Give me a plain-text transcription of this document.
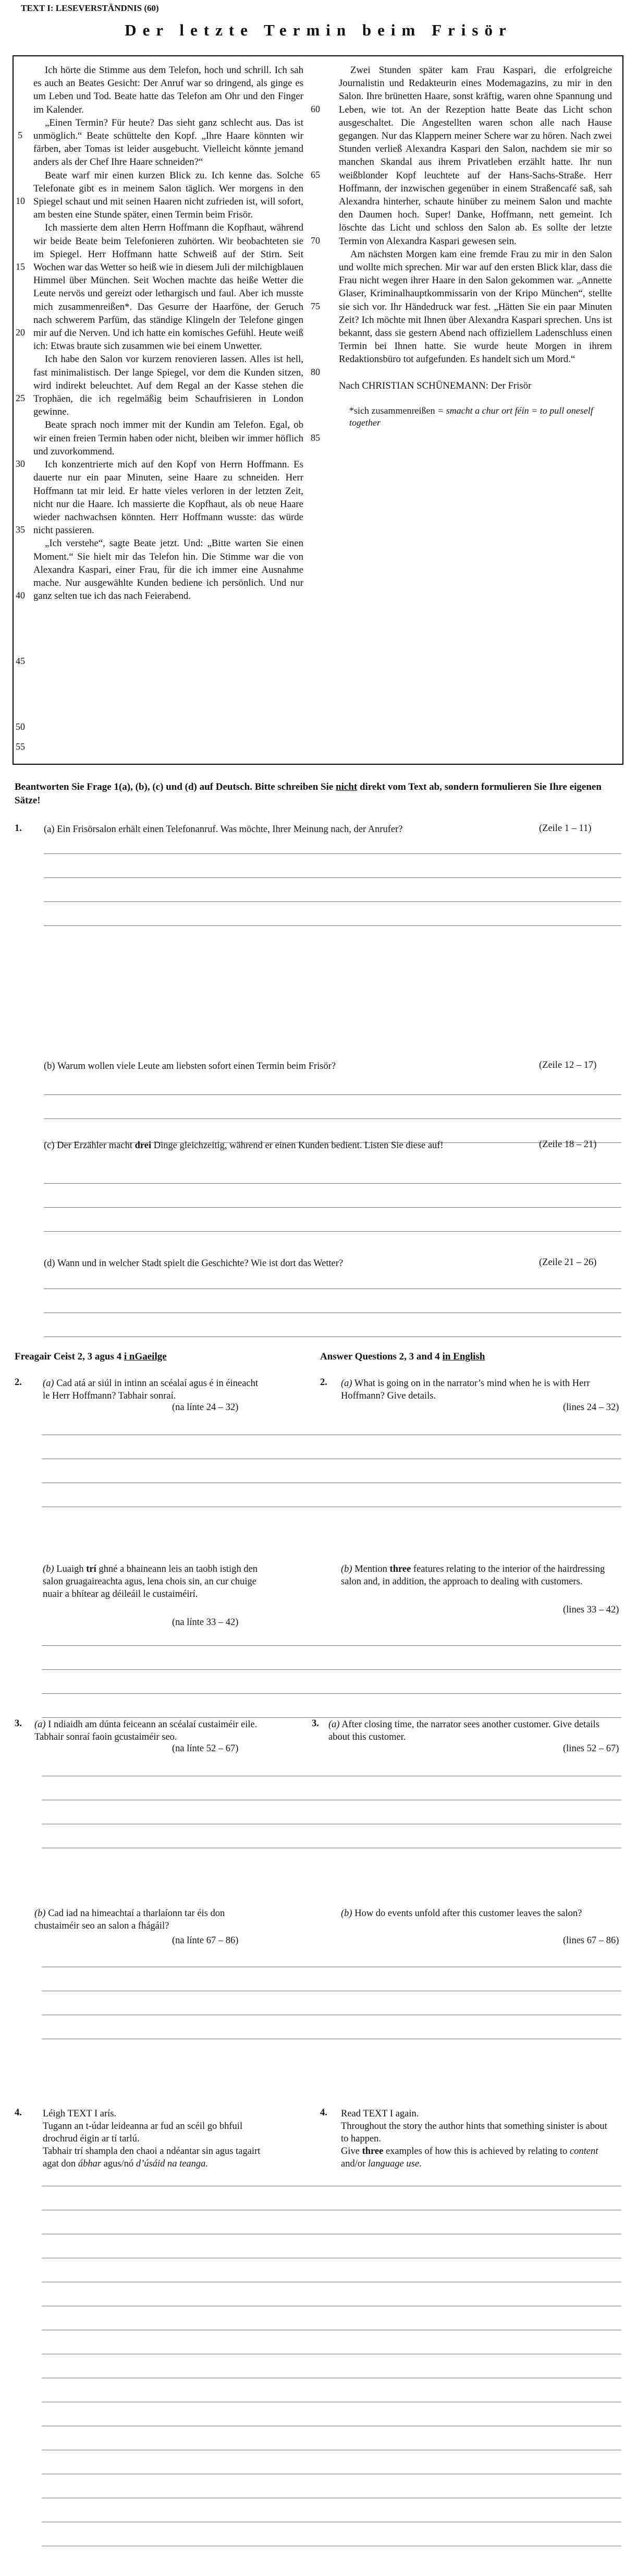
TEXT I: LESEVERSTÄNDNIS (60)
Der letzte Termin beim Frisör

Ich hörte die Stimme aus dem Telefon, hoch und schrill. Ich sah es auch an Beates Gesicht: Der Anruf war so dringend, als ginge es um Leben und Tod. Beate hatte das Telefon am Ohr und den Finger im Kalender.

„Einen Termin? Für heute? Das sieht ganz schlecht aus. Das ist unmöglich.“ Beate schüttelte den Kopf. „Ihre Haare könnten wir färben, aber Tomas ist leider ausgebucht. Vielleicht könnte jemand anders als der Chef Ihre Haare schneiden?“

Beate warf mir einen kurzen Blick zu. Ich kenne das. Solche Telefonate gibt es in meinem Salon täglich. Wer morgens in den Spiegel schaut und mit seinen Haaren nicht zufrieden ist, will sofort, am besten eine Stunde später, einen Termin beim Frisör.

Ich massierte dem alten Herrn Hoffmann die Kopfhaut, während wir beide Beate beim Telefonieren zuhörten. Wir beobachteten sie im Spiegel. Herr Hoffmann hatte Schweiß auf der Stirn. Seit Wochen war das Wetter so heiß wie in diesem Juli der milchigblauen Himmel über München. Seit Wochen machte das heiße Wetter die Leute nervös und gereizt oder lethargisch und faul. Aber ich musste mich zusammenreißen*. Das Gesurre der Haarföne, der Geruch nach schwerem Parfüm, das ständige Klingeln der Telefone gingen mir auf die Nerven. Und ich hatte ein komisches Gefühl. Heute weiß ich: Etwas braute sich zusammen wie bei einem Unwetter.

Ich habe den Salon vor kurzem renovieren lassen. Alles ist hell, fast minimalistisch. Der lange Spiegel, vor dem die Kunden sitzen, wird indirekt beleuchtet. Auf dem Regal an der Kasse stehen die Trophäen, die ich regelmäßig beim Schaufrisieren in London gewinne.

Beate sprach noch immer mit der Kundin am Telefon. Egal, ob wir einen freien Termin haben oder nicht, bleiben wir immer höflich und zuvorkommend.

Ich konzentrierte mich auf den Kopf von Herrn Hoffmann. Es dauerte nur ein paar Minuten, seine Haare zu schneiden. Herr Hoffmann tat mir leid. Er hatte vieles verloren in der letzten Zeit, nicht nur die Haare. Ich massierte die Kopfhaut, als ob neue Haare wieder nachwachsen könnten. Herr Hoffmann wusste: das würde nicht passieren.

„Ich verstehe“, sagte Beate jetzt. Und: „Bitte warten Sie einen Moment.“ Sie hielt mir das Telefon hin. Die Stimme war die von Alexandra Kaspari, einer Frau, für die ich immer eine Ausnahme mache. Nur ausgewählte Kunden bediene ich persönlich. Und nur ganz selten tue ich das nach Feierabend.

Zwei Stunden später kam Frau Kaspari, die erfolgreiche Journalistin und Redakteurin eines Modemagazins, zu mir in den Salon. Ihre brünetten Haare, sonst kräftig, waren ohne Spannung und Leben, wie tot. An der Rezeption hatte Beate das Licht schon ausgeschaltet. Die Angestellten waren schon alle nach Hause gegangen. Nur das Klappern meiner Schere war zu hören. Nach zwei Stunden verließ Alexandra Kaspari den Salon, nachdem sie mir so manchen Skandal aus ihrem Privatleben erzählt hatte. Ihr nun weißblonder Kopf leuchtete auf der Hans-Sachs-Straße. Herr Hoffmann, der inzwischen gegenüber in einem Straßencafé saß, sah Alexandra hinterher, schaute hinüber zu meinem Salon und machte den Daumen hoch. Super! Danke, Hoffmann, nett gemeint. Ich löschte das Licht und schloss den Salon ab. Es sollte der letzte Termin von Alexandra Kaspari gewesen sein.

Am nächsten Morgen kam eine fremde Frau zu mir in den Salon und wollte mich sprechen. Mir war auf den ersten Blick klar, dass die Frau nicht wegen ihrer Haare in den Salon gekommen war. „Annette Glaser, Kriminalhauptkommissarin von der Kripo München“, stellte sie sich vor. Ihr Händedruck war fest. „Hätten Sie ein paar Minuten Zeit? Ich möchte mit Ihnen über Alexandra Kaspari sprechen. Uns ist bekannt, dass sie gestern Abend nach offiziellem Ladenschluss einen Termin bei Ihnen hatte. Sie wurde heute Morgen in ihrem Redaktionsbüro tot aufgefunden. Es handelt sich um Mord.“

Nach CHRISTIAN SCHÜNEMANN: Der Frisör

*sich zusammenreißen = smacht a chur ort féin = to pull oneself together
5
10
15
20
25
30
35
40
45
50
55
60
65
70
75
80
85
Beantworten Sie Frage 1(a), (b), (c) und (d) auf Deutsch. Bitte schreiben Sie nicht direkt vom Text ab, sondern formulieren Sie Ihre eigenen Sätze!
1. (a) Ein Frisörsalon erhält einen Telefonanruf. Was möchte, Ihrer Meinung nach, der Anrufer?	(Zeile 1 – 11)
(b) Warum wollen viele Leute am liebsten sofort einen Termin beim Frisör?	(Zeile 12 – 17)
(c) Der Erzähler macht drei Dinge gleichzeitig, während er einen Kunden bedient. Listen Sie diese auf!	(Zeile 18 – 21)
(d) Wann und in welcher Stadt spielt die Geschichte? Wie ist dort das Wetter?	(Zeile 21 – 26)
Freagair Ceist 2, 3 agus 4 i nGaeilge	Answer Questions 2, 3 and 4 in English
2. (a) Cad atá ar siúl in intinn an scéalaí agus é in éineacht le Herr Hoffmann? Tabhair sonraí.
(na línte 24 – 32)
2. (a) What is going on in the narrator’s mind when he is with Herr Hoffmann? Give details.
(lines 24 – 32)
(b) Luaigh trí ghné a bhaineann leis an taobh istigh den salon gruagaireachta agus, lena chois sin, an cur chuige nuair a bhítear ag déileáil le custaiméirí.
(na línte 33 – 42)
(b) Mention three features relating to the interior of the hairdressing salon and, in addition, the approach to dealing with customers.
(lines 33 – 42)
3. (a) I ndiaidh am dúnta feiceann an scéalaí custaiméir eile. Tabhair sonraí faoin gcustaiméir seo.
(na línte 52 – 67)
3. (a) After closing time, the narrator sees another customer. Give details about this customer.
(lines 52 – 67)
(b) Cad iad na himeachtaí a tharlaíonn tar éis don chustaiméir seo an salon a fhágáil?
(na línte 67 – 86)
(b) How do events unfold after this customer leaves the salon?
(lines 67 – 86)
4. Léigh TEXT I arís.
Tugann an t-údar leideanna ar fud an scéil go bhfuil drochrud éigin ar tí tarlú.
Tabhair trí shampla den chaoi a ndéantar sin agus tagairt agat don ábhar agus/nó d’úsáid na teanga.
4. Read TEXT I again.
Throughout the story the author hints that something sinister is about to happen.
Give three examples of how this is achieved by relating to content and/or language use.
